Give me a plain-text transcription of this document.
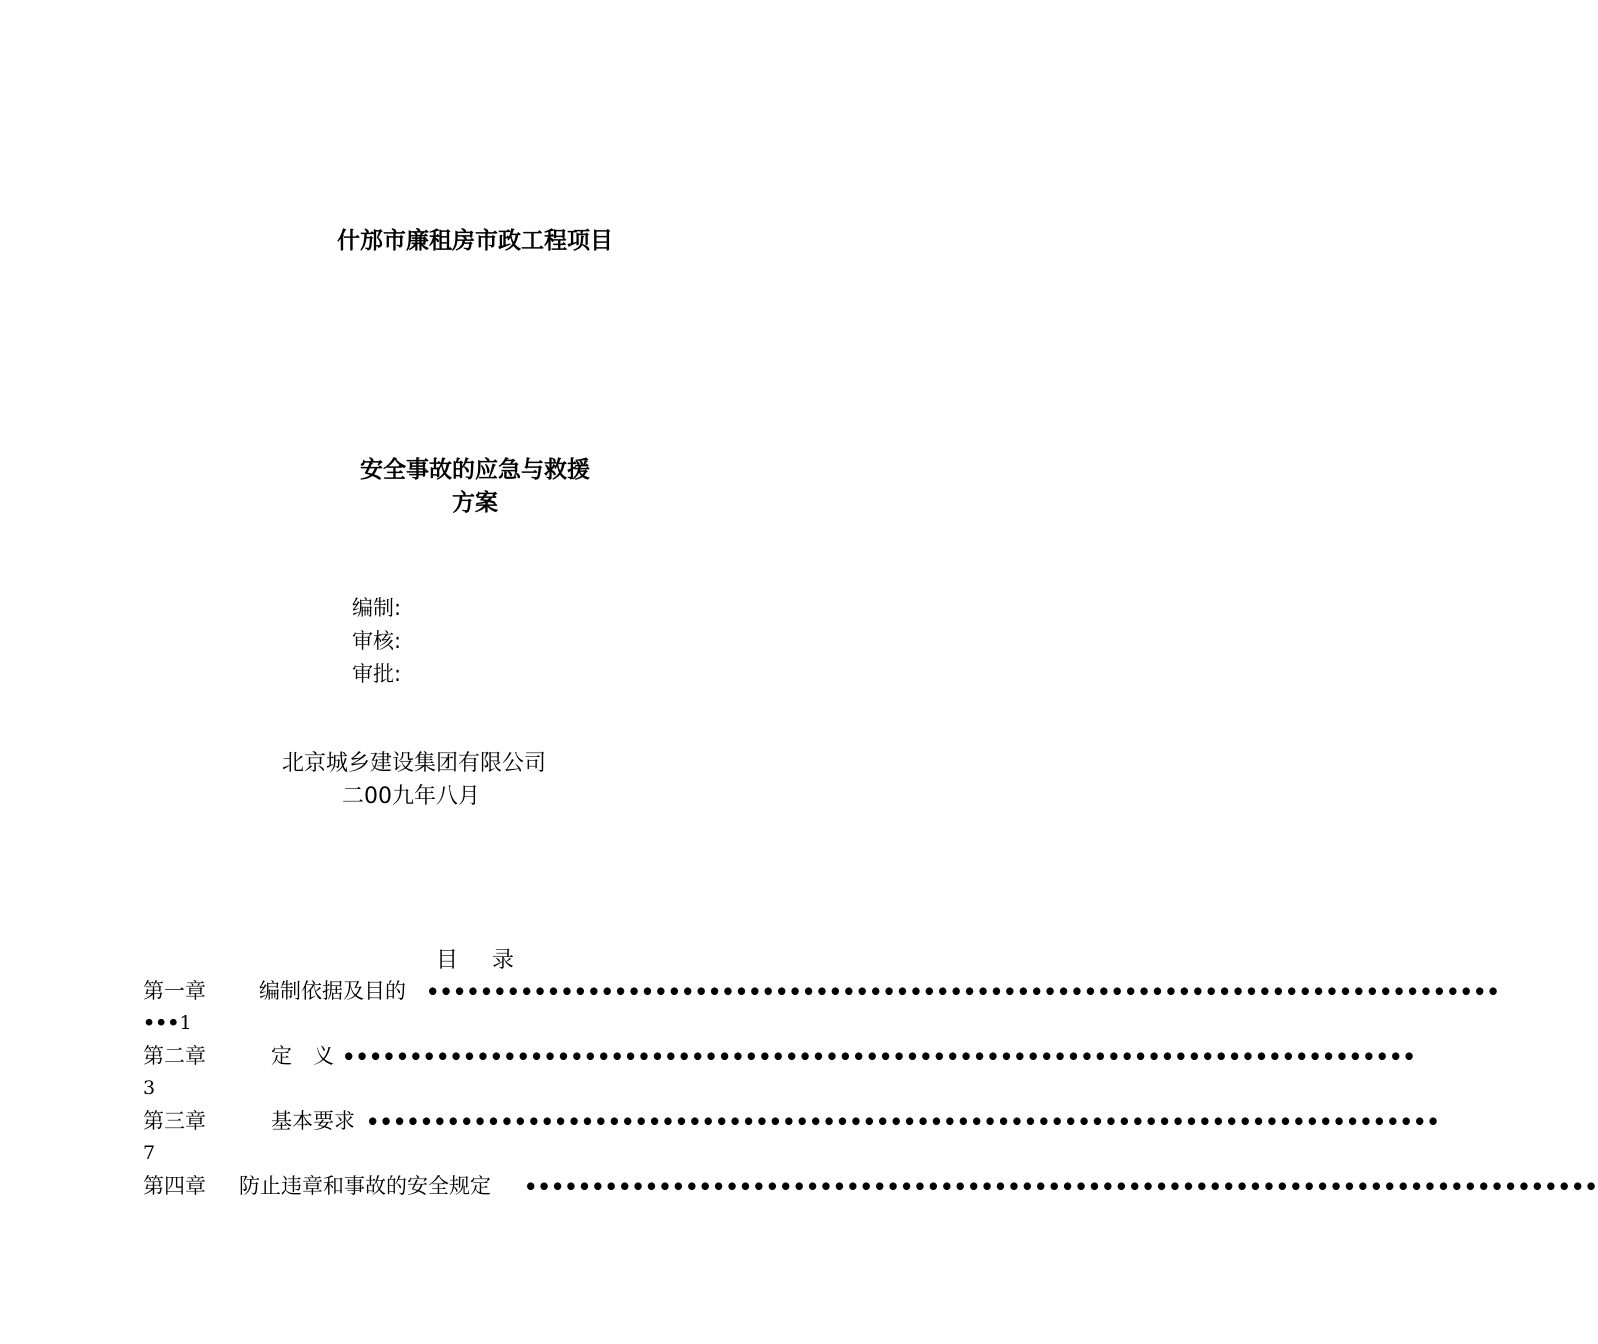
什邡市廉租房市政工程项目
安全事故的应急与救援
方案
编制:
审核:
审批:
北京城乡建设集团有限公司
二00九年八月
目 录
第一章	编制依据及目的 ••••••••••••••••••••••••••••••••••••••••••••••••••••••••••••••••••••••••••••••••
•••1
第二章	定　义 ••••••••••••••••••••••••••••••••••••••••••••••••••••••••••••••••••••••••••••••••
3
第三章	基本要求 ••••••••••••••••••••••••••••••••••••••••••••••••••••••••••••••••••••••••••••••••
7
第四章 防止违章和事故的安全规定 ••••••••••••••••••••••••••••••••••••••••••••••••••••••••••••••••••••••••••••••••
